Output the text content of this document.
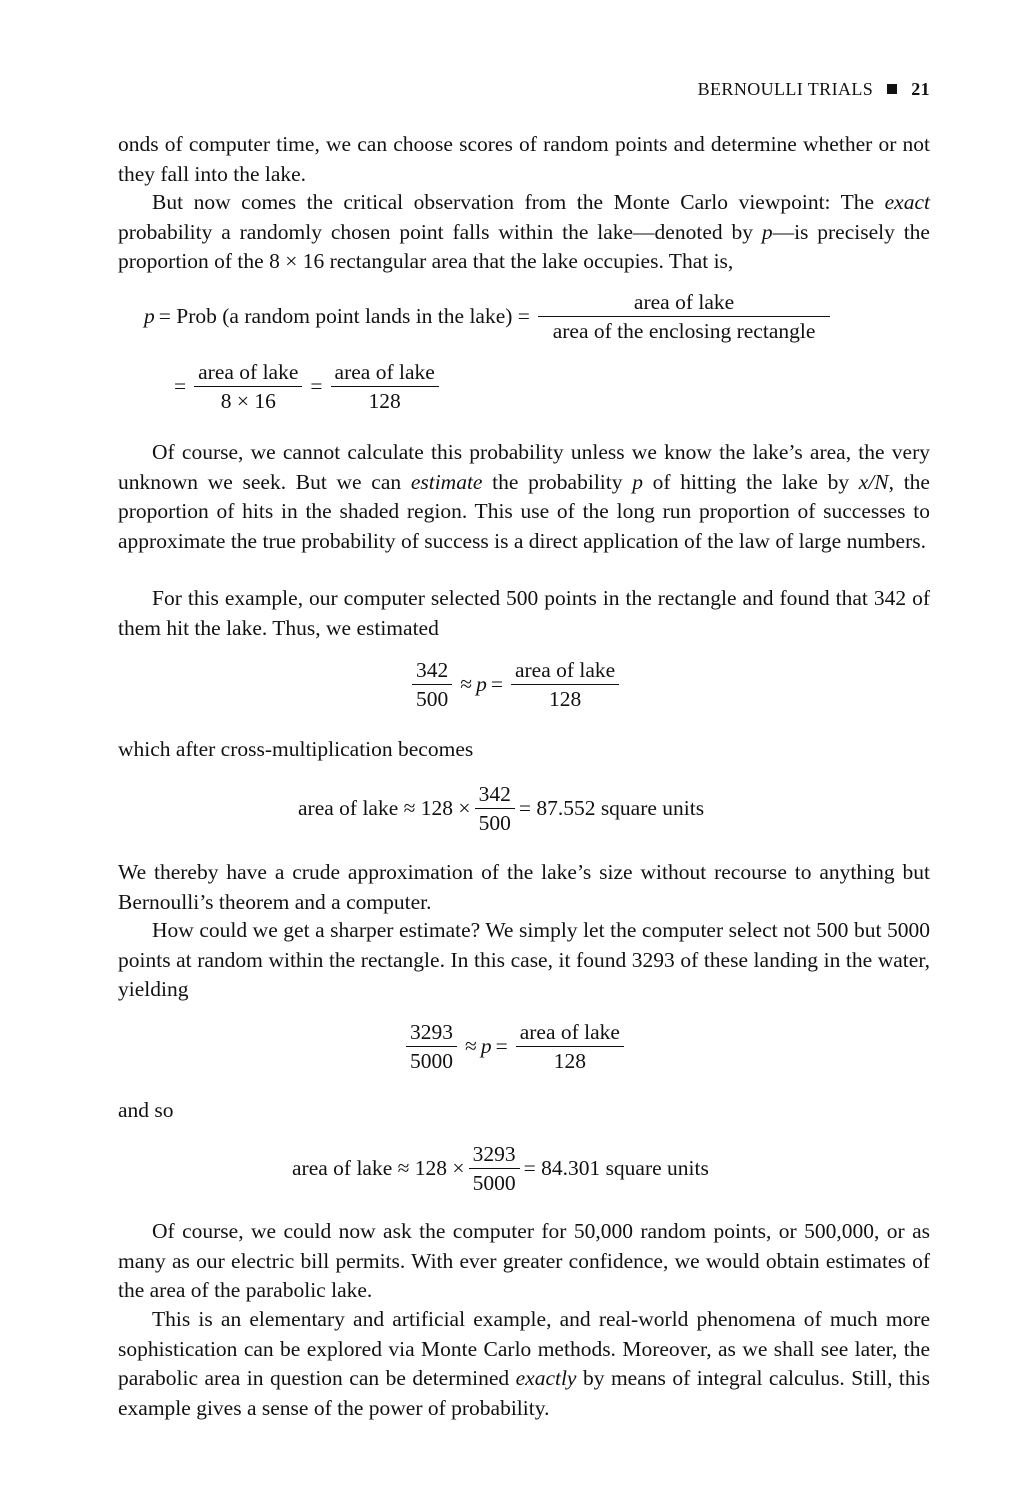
BERNOULLI TRIALS 21

onds of computer time, we can choose scores of random points and determine whether or not they fall into the lake.

But now comes the critical observation from the Monte Carlo viewpoint: The exact probability a randomly chosen point falls within the lake—denoted by p—is precisely the proportion of the 8 × 16 rectangular area that the lake occupies. That is,

p = Prob (a random point lands in the lake) = $\frac{\text{area of lake}}{\text{area of the enclosing rectangle}}$
= $\frac{\text{area of lake}}{8 \times 16} = \frac{\text{area of lake}}{128}$

Of course, we cannot calculate this probability unless we know the lake’s area, the very unknown we seek. But we can estimate the probability p of hitting the lake by x/N, the proportion of hits in the shaded region. This use of the long run proportion of successes to approximate the true probability of success is a direct application of the law of large numbers.

For this example, our computer selected 500 points in the rectangle and found that 342 of them hit the lake. Thus, we estimated

$\frac{342}{500} \approx p = \frac{\text{area of lake}}{128}$

which after cross-multiplication becomes

area of lake ≈ $128 \times \frac{342}{500} = 87.552$ square units

We thereby have a crude approximation of the lake’s size without recourse to anything but Bernoulli’s theorem and a computer.

How could we get a sharper estimate? We simply let the computer select not 500 but 5000 points at random within the rectangle. In this case, it found 3293 of these landing in the water, yielding

$\frac{3293}{5000} \approx p = \frac{\text{area of lake}}{128}$

and so

area of lake ≈ $128 \times \frac{3293}{5000} = 84.301$ square units

Of course, we could now ask the computer for 50,000 random points, or 500,000, or as many as our electric bill permits. With ever greater confidence, we would obtain estimates of the area of the parabolic lake.

This is an elementary and artificial example, and real-world phenomena of much more sophistication can be explored via Monte Carlo methods. Moreover, as we shall see later, the parabolic area in question can be determined exactly by means of integral calculus. Still, this example gives a sense of the power of probability.
